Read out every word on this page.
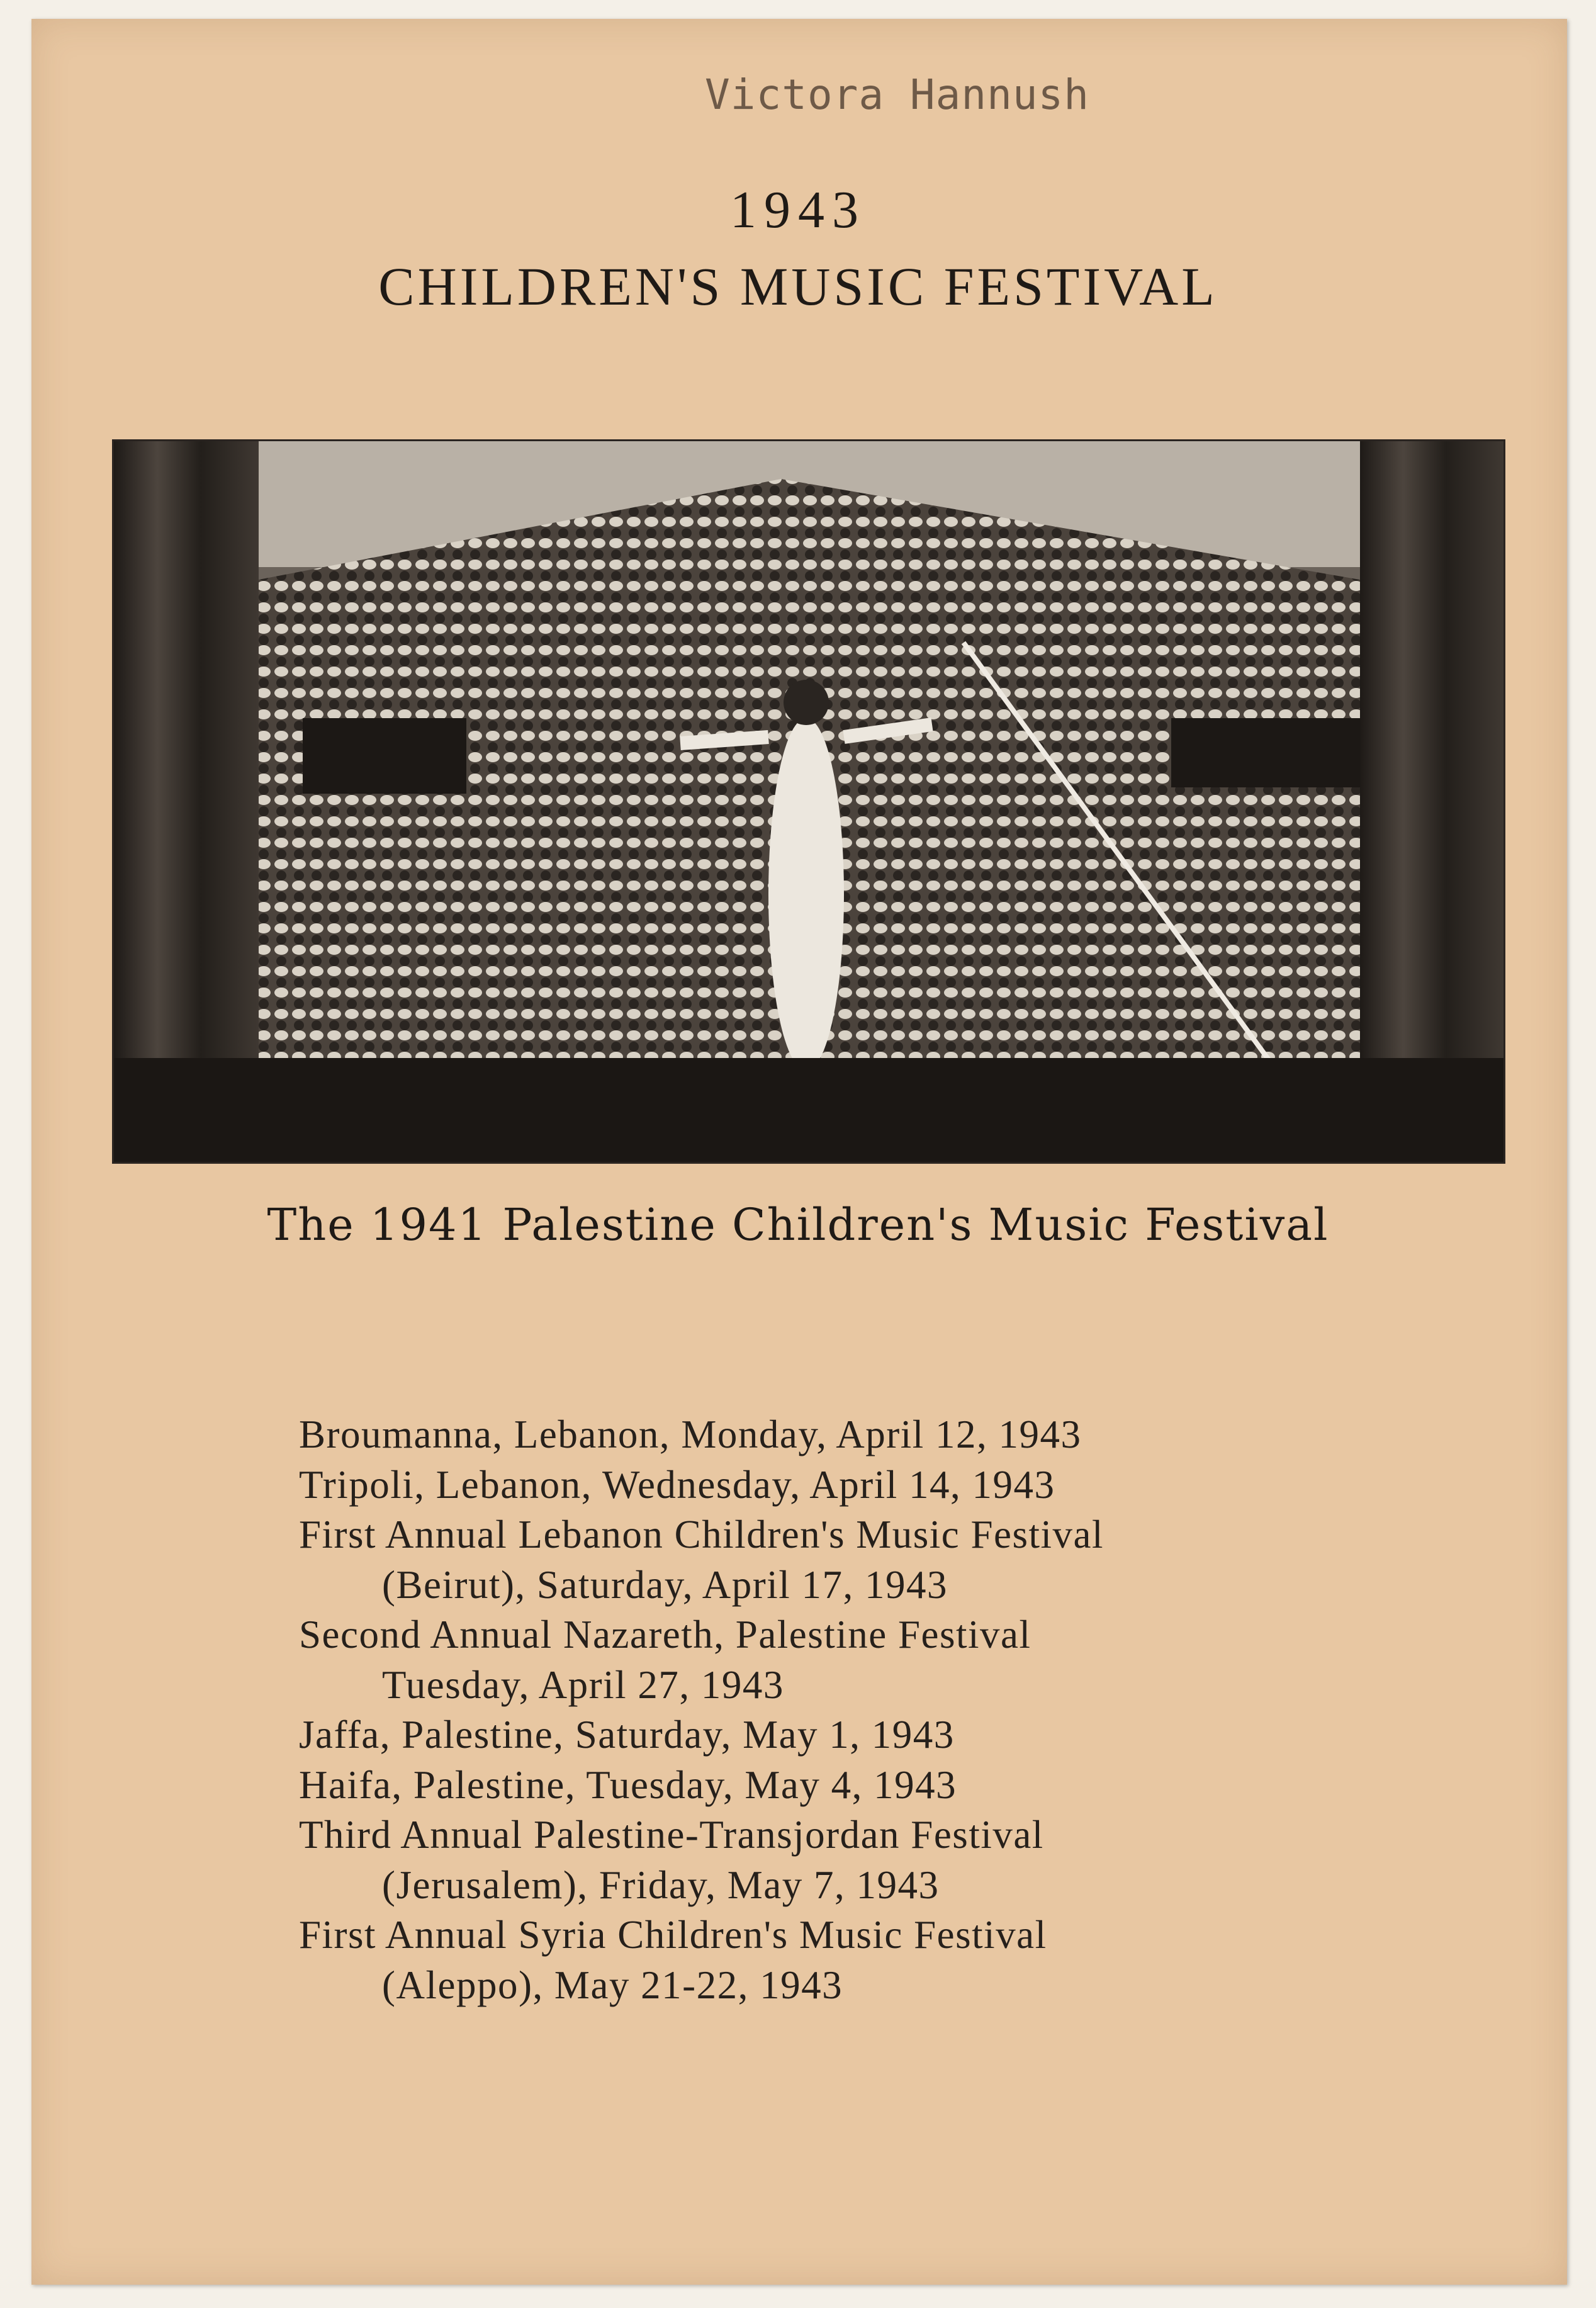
Victora Hannush
1943
CHILDREN'S MUSIC FESTIVAL
The 1941 Palestine Children's Music Festival
Broumanna, Lebanon, Monday, April 12, 1943
Tripoli, Lebanon, Wednesday, April 14, 1943
First Annual Lebanon Children's Music Festival
(Beirut), Saturday, April 17, 1943
Second Annual Nazareth, Palestine Festival
Tuesday, April 27, 1943
Jaffa, Palestine, Saturday, May 1, 1943
Haifa, Palestine, Tuesday, May 4, 1943
Third Annual Palestine-Transjordan Festival
(Jerusalem), Friday, May 7, 1943
First Annual Syria Children's Music Festival
(Aleppo), May 21-22, 1943
